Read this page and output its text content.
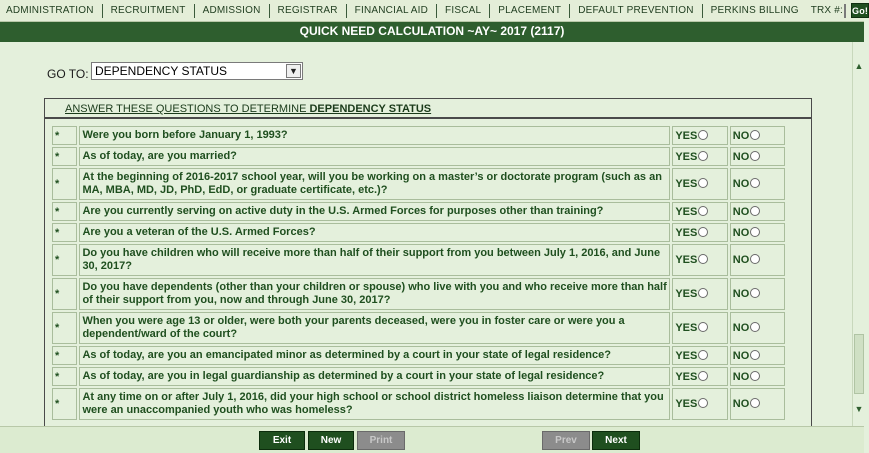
ADMINISTRATION	RECRUITMENT	ADMISSION	REGISTRAR	FINANCIAL AID	FISCAL	PLACEMENT	DEFAULT PREVENTION	PERKINS BILLING	TRX #: Go!
QUICK NEED CALCULATION ~AY~ 2017 (2117)
▲
▼
GO TO: DEPENDENCY STATUS	▼
ANSWER THESE QUESTIONS TO DETERMINE DEPENDENCY STATUS
*	Were you born before January 1, 1993?	YES	NO
*	As of today, are you married?	YES	NO
*	At the beginning of 2016-2017 school year, will you be working on a master’s or doctorate program (such as an MA, MBA, MD, JD, PhD, EdD, or graduate certificate, etc.)?	YES	NO
*	Are you currently serving on active duty in the U.S. Armed Forces for purposes other than training?	YES	NO
*	Are you a veteran of the U.S. Armed Forces?	YES	NO
*	Do you have children who will receive more than half of their support from you between July 1, 2016, and June 30, 2017?	YES	NO
*	Do you have dependents (other than your children or spouse) who live with you and who receive more than half of their support from you, now and through June 30, 2017?	YES	NO
*	When you were age 13 or older, were both your parents deceased, were you in foster care or were you a dependent/ward of the court?	YES	NO
*	As of today, are you an emancipated minor as determined by a court in your state of legal residence?	YES	NO
*	As of today, are you in legal guardianship as determined by a court in your state of legal residence?	YES	NO
*	At any time on or after July 1, 2016, did your high school or school district homeless liaison determine that you were an unaccompanied youth who was homeless?	YES	NO
Exit	New	Print	Prev	Next
